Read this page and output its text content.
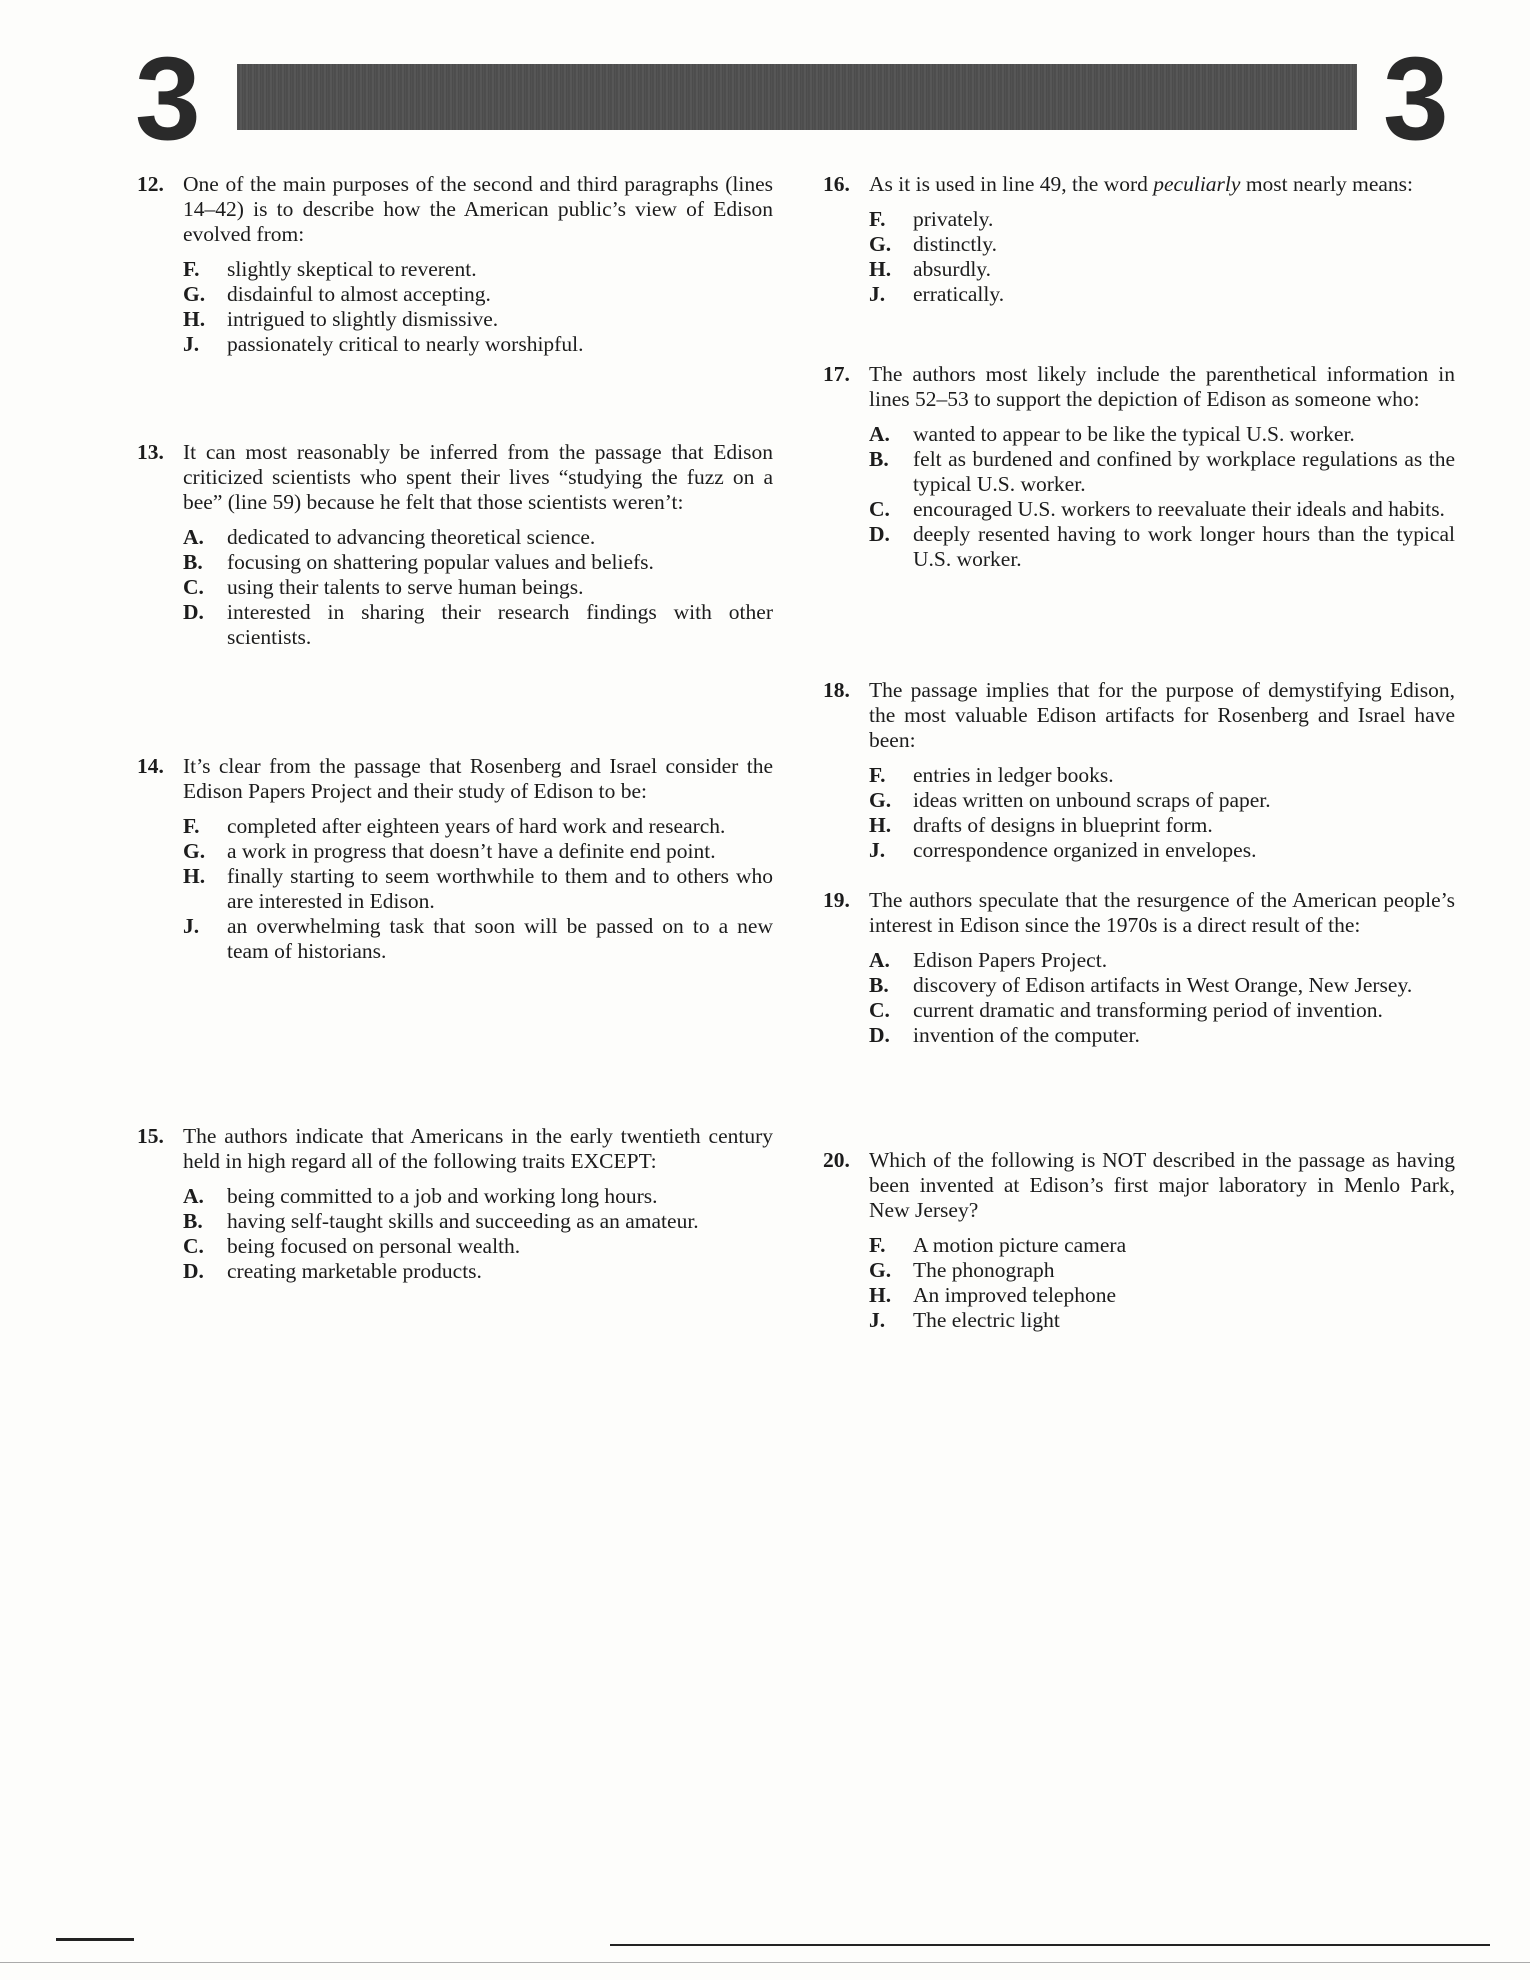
3	3
12. One of the main purposes of the second and third paragraphs (lines 14–42) is to describe how the American public’s view of Edison evolved from:
F. slightly skeptical to reverent.
G. disdainful to almost accepting.
H. intrigued to slightly dismissive.
J. passionately critical to nearly worshipful.
13. It can most reasonably be inferred from the passage that Edison criticized scientists who spent their lives “studying the fuzz on a bee” (line 59) because he felt that those scientists weren’t:
A. dedicated to advancing theoretical science.
B. focusing on shattering popular values and beliefs.
C. using their talents to serve human beings.
D. interested in sharing their research findings with other scientists.
14. It’s clear from the passage that Rosenberg and Israel consider the Edison Papers Project and their study of Edison to be:
F. completed after eighteen years of hard work and research.
G. a work in progress that doesn’t have a definite end point.
H. finally starting to seem worthwhile to them and to others who are interested in Edison.
J. an overwhelming task that soon will be passed on to a new team of historians.
15. The authors indicate that Americans in the early twentieth century held in high regard all of the following traits EXCEPT:
A. being committed to a job and working long hours.
B. having self-taught skills and succeeding as an amateur.
C. being focused on personal wealth.
D. creating marketable products.
16. As it is used in line 49, the word peculiarly most nearly means:
F. privately.
G. distinctly.
H. absurdly.
J. erratically.
17. The authors most likely include the parenthetical information in lines 52–53 to support the depiction of Edison as someone who:
A. wanted to appear to be like the typical U.S. worker.
B. felt as burdened and confined by workplace regulations as the typical U.S. worker.
C. encouraged U.S. workers to reevaluate their ideals and habits.
D. deeply resented having to work longer hours than the typical U.S. worker.
18. The passage implies that for the purpose of demystifying Edison, the most valuable Edison artifacts for Rosenberg and Israel have been:
F. entries in ledger books.
G. ideas written on unbound scraps of paper.
H. drafts of designs in blueprint form.
J. correspondence organized in envelopes.
19. The authors speculate that the resurgence of the American people’s interest in Edison since the 1970s is a direct result of the:
A. Edison Papers Project.
B. discovery of Edison artifacts in West Orange, New Jersey.
C. current dramatic and transforming period of invention.
D. invention of the computer.
20. Which of the following is NOT described in the passage as having been invented at Edison’s first major laboratory in Menlo Park, New Jersey?
F. A motion picture camera
G. The phonograph
H. An improved telephone
J. The electric light
